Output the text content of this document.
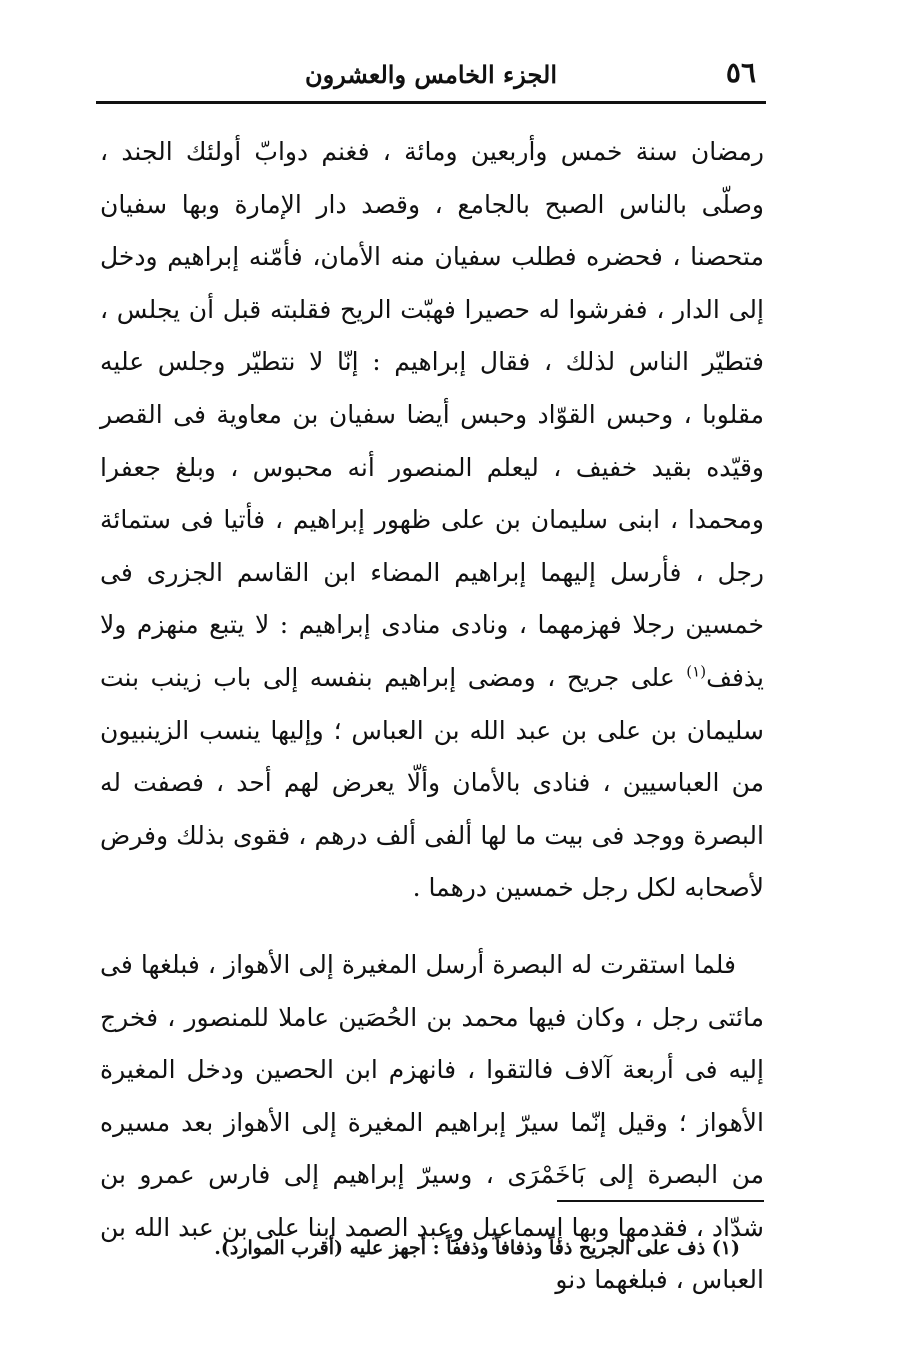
٥٦
الجزء الخامس والعشرون

رمضان سنة خمس وأربعين ومائة ، فغنم دوابّ أولئك الجند ، وصلّى بالناس الصبح بالجامع ، وقصد دار الإمارة وبها سفيان متحصنا ، فحضره فطلب سفيان منه الأمان، فأمّنه إبراهيم ودخل إلى الدار ، ففرشوا له حصيرا فهبّت الريح فقلبته قبل أن يجلس ، فتطيّر الناس لذلك ، فقال إبراهيم : إنّا لا نتطيّر وجلس عليه مقلوبا ، وحبس القوّاد وحبس أيضا سفيان بن معاوية فى القصر وقيّده بقيد خفيف ، ليعلم المنصور أنه محبوس ، وبلغ جعفرا ومحمدا ، ابنى سليمان بن على ظهور إبراهيم ، فأتيا فى ستمائة رجل ، فأرسل إليهما إبراهيم المضاء ابن القاسم الجزرى فى خمسين رجلا فهزمهما ، ونادى منادى إبراهيم : لا يتبع منهزم ولا يذفف$^{(١)}$ على جريح ، ومضى إبراهيم بنفسه إلى باب زينب بنت سليمان بن على بن عبد الله بن العباس ؛ وإليها ينسب الزينبيون من العباسيين ، فنادى بالأمان وألّا يعرض لهم أحد ، فصفت له البصرة ووجد فى بيت ما لها ألفى ألف درهم ، فقوى بذلك وفرض لأصحابه لكل رجل خمسين درهما .

فلما استقرت له البصرة أرسل المغيرة إلى الأهواز ، فبلغها فى مائتى رجل ، وكان فيها محمد بن الحُصَين عاملا للمنصور ، فخرج إليه فى أربعة آلاف فالتقوا ، فانهزم ابن الحصين ودخل المغيرة الأهواز ؛ وقيل إنّما سيرّ إبراهيم المغيرة إلى الأهواز بعد مسيره من البصرة إلى بَاخَمْرَى ، وسيرّ إبراهيم إلى فارس عمرو بن شدّاد ، فقدمها وبها إسماعيل وعبد الصمد ابنا على بن عبد الله بن العباس ، فبلغهما دنو

(١) ذف على الجريح ذفاً وذفافاً وذففاً : أجهز عليه (أقرب الموارد).
